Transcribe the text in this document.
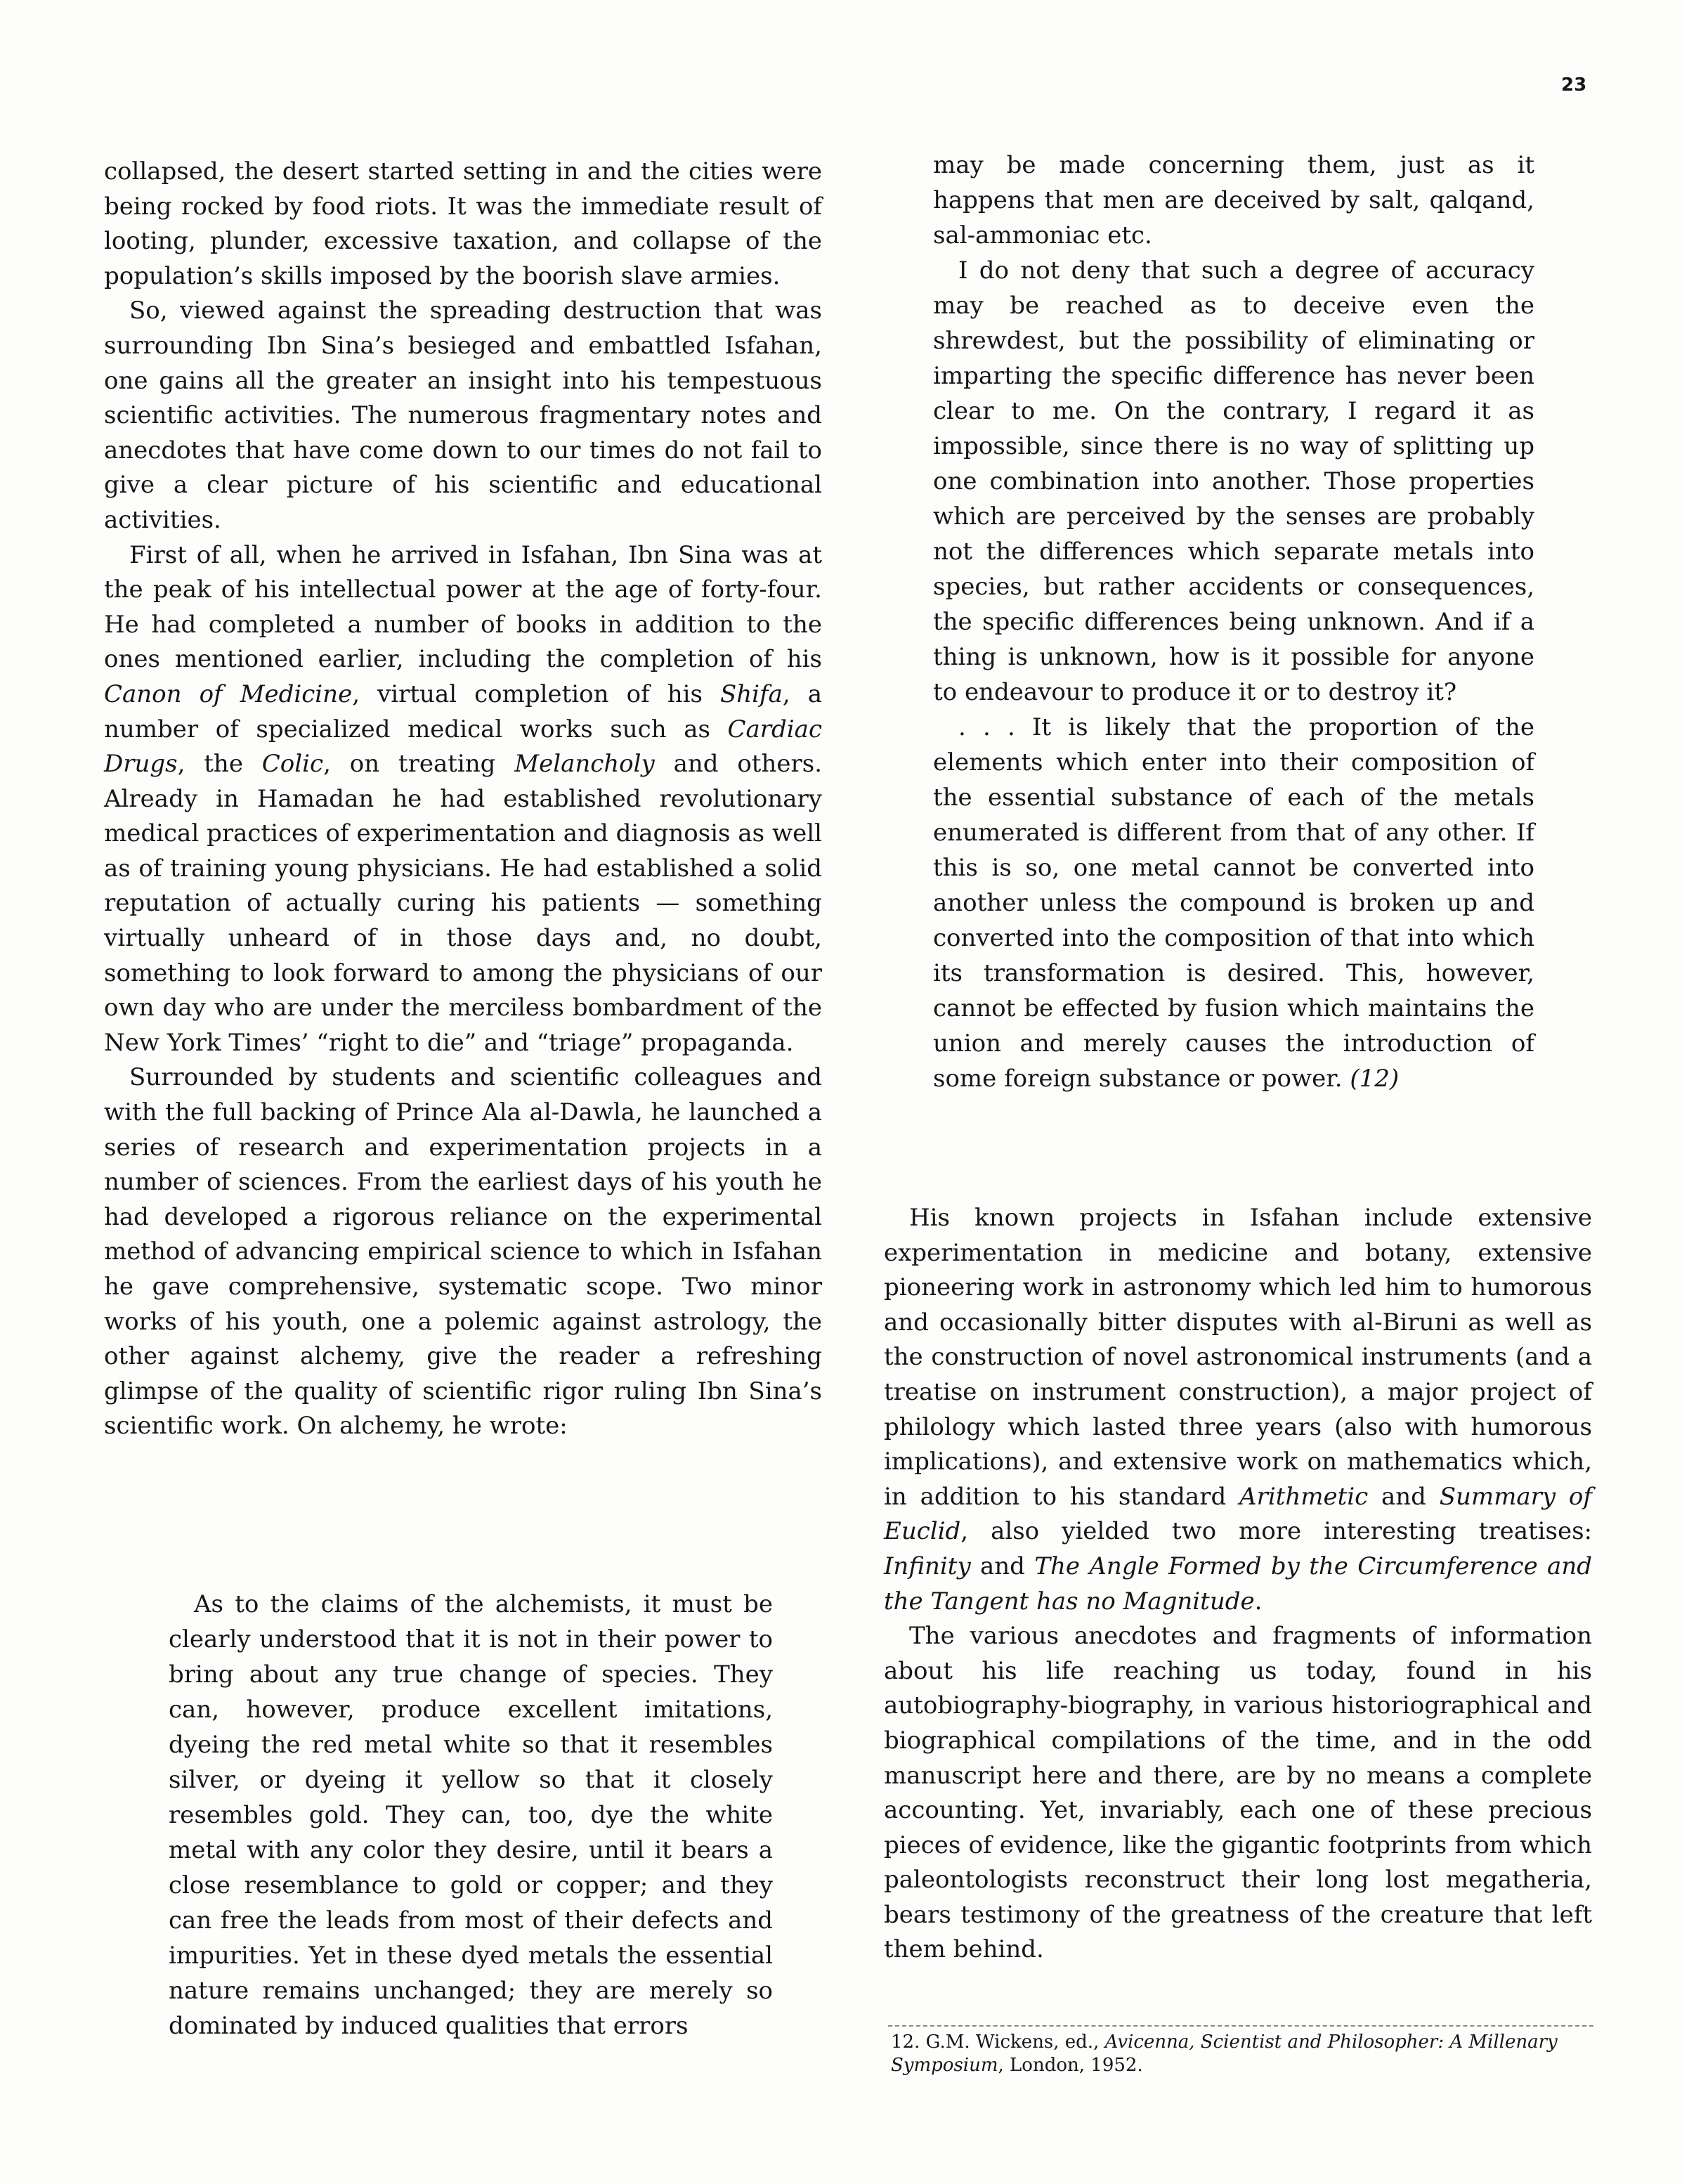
23

collapsed, the desert started setting in and the cities were being rocked by food riots. It was the immediate result of looting, plunder, excessive taxation, and collapse of the population’s skills imposed by the boorish slave armies.

So, viewed against the spreading destruction that was surrounding Ibn Sina’s besieged and embattled Isfahan, one gains all the greater an insight into his tempestuous scientific activities. The numerous fragmentary notes and anecdotes that have come down to our times do not fail to give a clear picture of his scientific and educational activities.

First of all, when he arrived in Isfahan, Ibn Sina was at the peak of his intellectual power at the age of forty-four. He had completed a number of books in addition to the ones mentioned earlier, including the completion of his Canon of Medicine, virtual completion of his Shifa, a number of specialized medical works such as Cardiac Drugs, the Colic, on treating Melancholy and others. Already in Hamadan he had established revolutionary medical practices of experimentation and diagnosis as well as of training young physicians. He had established a solid reputation of actually curing his patients — something virtually unheard of in those days and, no doubt, something to look forward to among the physicians of our own day who are under the merciless bombardment of the New York Times’ “right to die” and “triage” propaganda.

Surrounded by students and scientific colleagues and with the full backing of Prince Ala al-Dawla, he launched a series of research and experimentation projects in a number of sciences. From the earliest days of his youth he had developed a rigorous reliance on the experimental method of advancing empirical science to which in Isfahan he gave comprehensive, systematic scope. Two minor works of his youth, one a polemic against astrology, the other against alchemy, give the reader a refreshing glimpse of the quality of scientific rigor ruling Ibn Sina’s scientific work. On alchemy, he wrote:

As to the claims of the alchemists, it must be clearly understood that it is not in their power to bring about any true change of species. They can, however, produce excellent imitations, dyeing the red metal white so that it resembles silver, or dyeing it yellow so that it closely resembles gold. They can, too, dye the white metal with any color they desire, until it bears a close resemblance to gold or copper; and they can free the leads from most of their defects and impurities. Yet in these dyed metals the essential nature remains unchanged; they are merely so dominated by induced qualities that errors

may be made concerning them, just as it happens that men are deceived by salt, qalqand, sal-ammoniac etc.

I do not deny that such a degree of accuracy may be reached as to deceive even the shrewdest, but the possibility of eliminating or imparting the specific difference has never been clear to me. On the contrary, I regard it as impossible, since there is no way of splitting up one combination into another. Those properties which are perceived by the senses are probably not the differences which separate metals into species, but rather accidents or consequences, the specific differences being unknown. And if a thing is unknown, how is it possible for anyone to endeavour to produce it or to destroy it?

. . . It is likely that the proportion of the elements which enter into their composition of the essential substance of each of the metals enumerated is different from that of any other. If this is so, one metal cannot be converted into another unless the compound is broken up and converted into the composition of that into which its transformation is desired. This, however, cannot be effected by fusion which maintains the union and merely causes the introduction of some foreign substance or power. (12)

His known projects in Isfahan include extensive experimentation in medicine and botany, extensive pioneering work in astronomy which led him to humorous and occasionally bitter disputes with al-Biruni as well as the construction of novel astronomical instruments (and a treatise on instrument construction), a major project of philology which lasted three years (also with humorous implications), and extensive work on mathematics which, in addition to his standard Arithmetic and Summary of Euclid, also yielded two more interesting treatises: Infinity and The Angle Formed by the Circumference and the Tangent has no Magnitude.

The various anecdotes and fragments of information about his life reaching us today, found in his autobiography-biography, in various historiographical and biographical compilations of the time, and in the odd manuscript here and there, are by no means a complete accounting. Yet, invariably, each one of these precious pieces of evidence, like the gigantic footprints from which paleontologists reconstruct their long lost megatheria, bears testimony of the greatness of the creature that left them behind.

12. G.M. Wickens, ed., Avicenna, Scientist and Philosopher: A Millenary Symposium, London, 1952.
